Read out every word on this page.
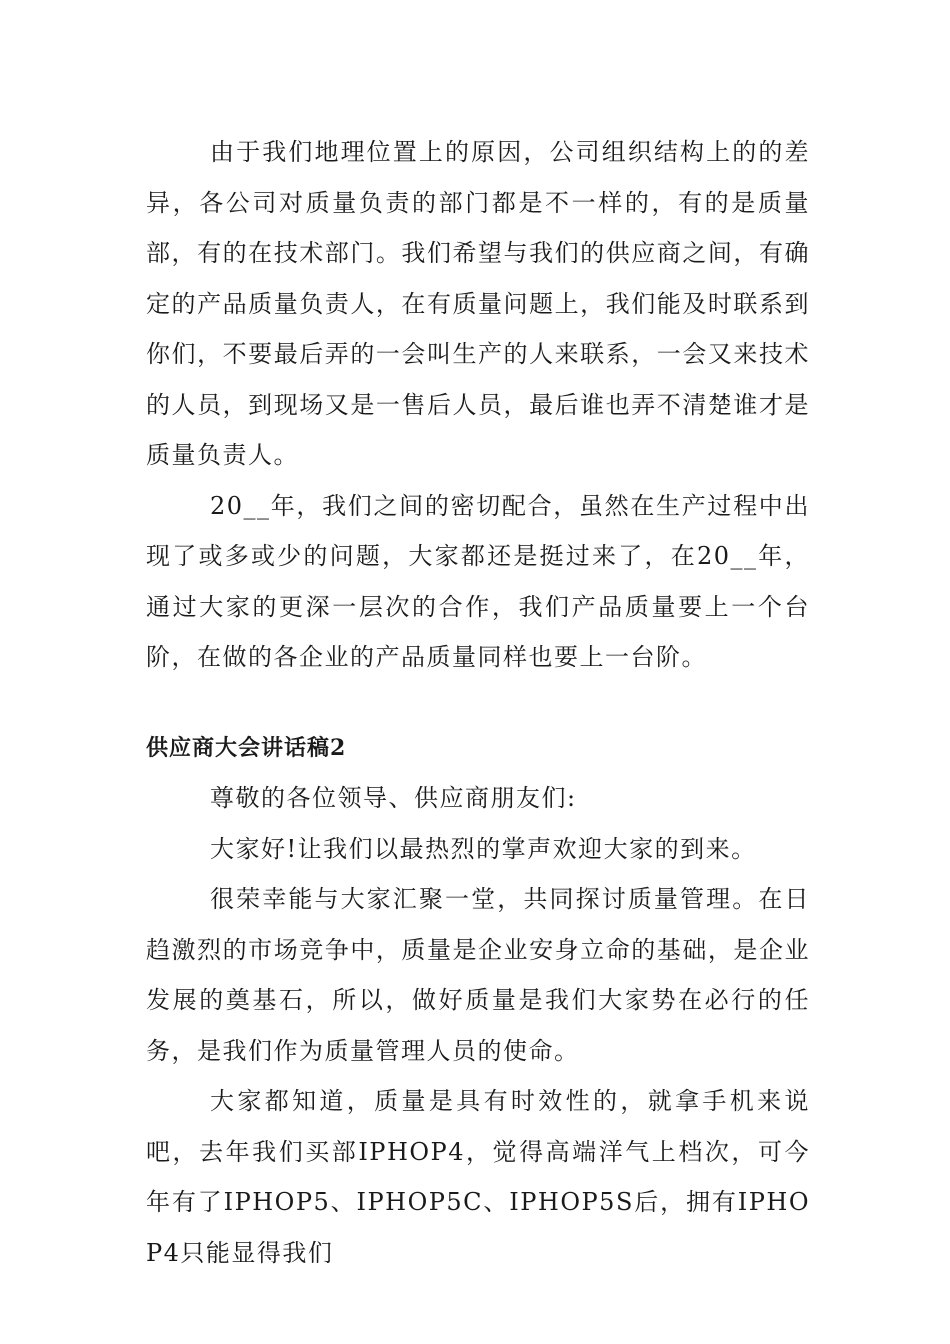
由于我们地理位置上的原因，公司组织结构上的的差异，各公司对质量负责的部门都是不一样的，有的是质量部，有的在技术部门。我们希望与我们的供应商之间，有确定的产品质量负责人，在有质量问题上，我们能及时联系到你们，不要最后弄的一会叫生产的人来联系，一会又来技术的人员，到现场又是一售后人员，最后谁也弄不清楚谁才是质量负责人。

20__年，我们之间的密切配合，虽然在生产过程中出现了或多或少的问题，大家都还是挺过来了，在20__年，通过大家的更深一层次的合作，我们产品质量要上一个台阶，在做的各企业的产品质量同样也要上一台阶。

供应商大会讲话稿2

尊敬的各位领导、供应商朋友们:

大家好!让我们以最热烈的掌声欢迎大家的到来。

很荣幸能与大家汇聚一堂，共同探讨质量管理。在日趋激烈的市场竞争中，质量是企业安身立命的基础，是企业发展的奠基石，所以，做好质量是我们大家势在必行的任务，是我们作为质量管理人员的使命。

大家都知道，质量是具有时效性的，就拿手机来说吧，去年我们买部IPHOP4，觉得高端洋气上档次，可今年有了IPHOP5、IPHOP5C、IPHOP5S后，拥有IPHOP4只能显得我们
